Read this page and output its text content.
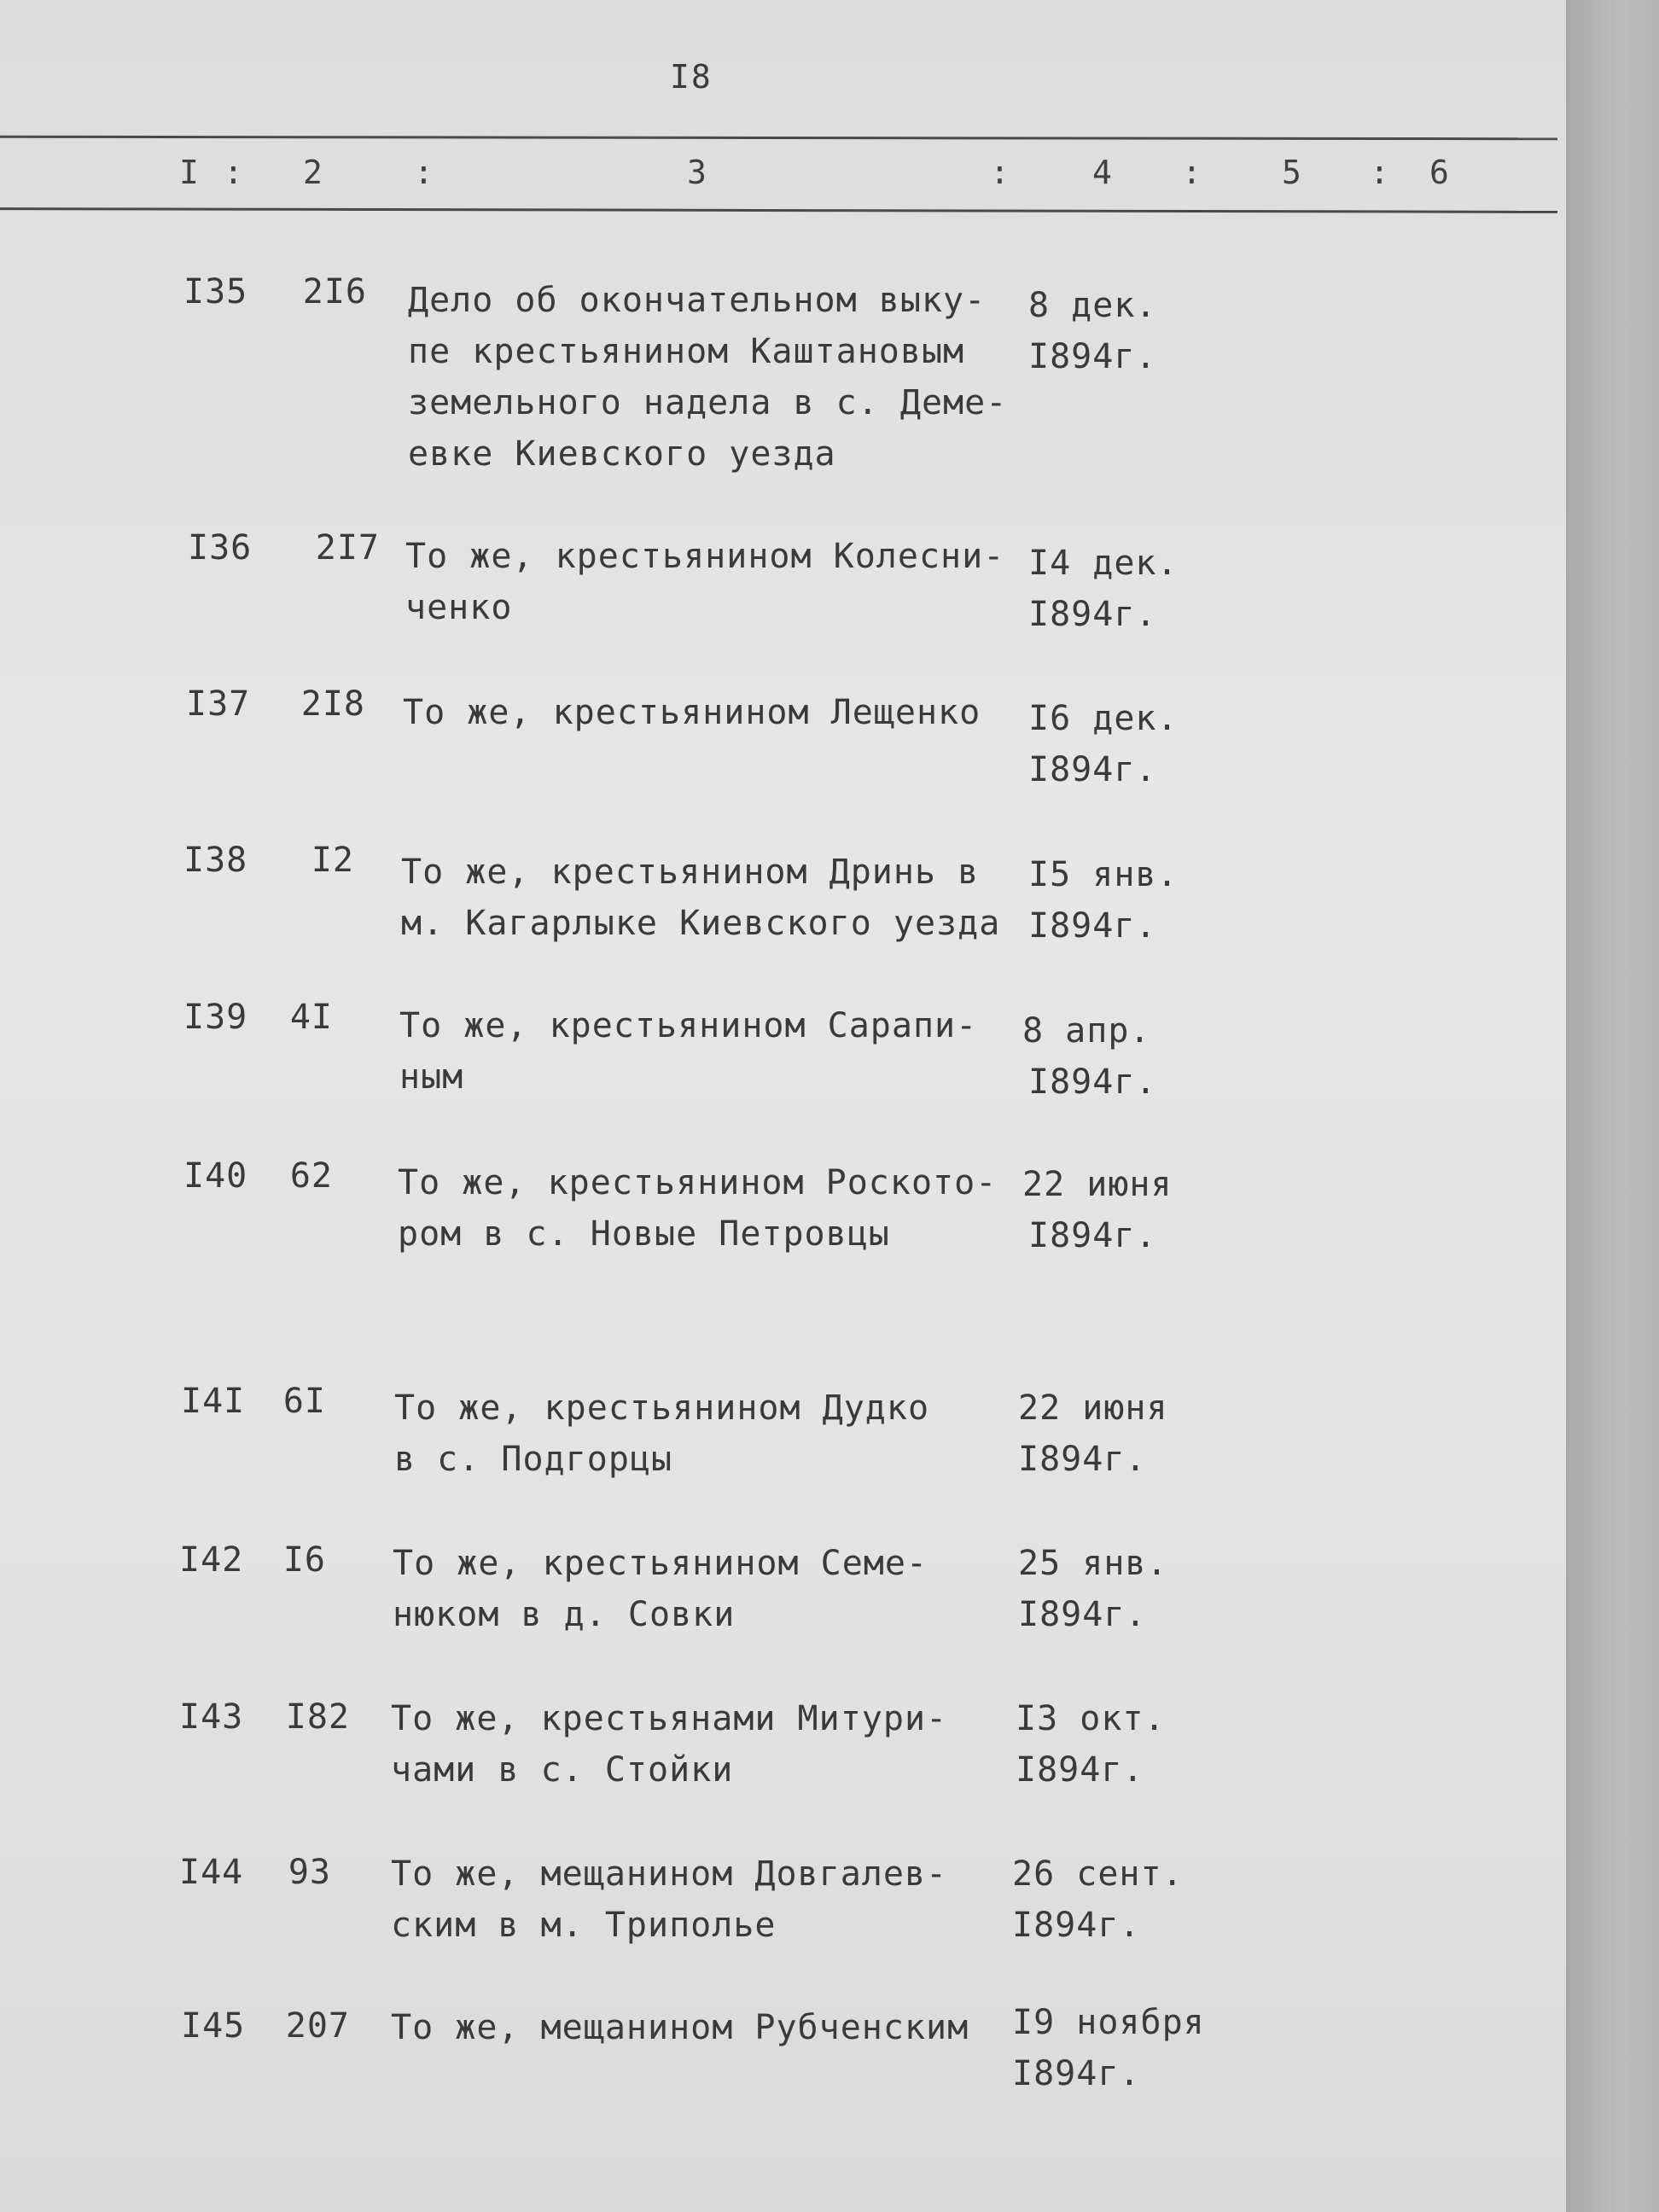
I8
I : 2	:	3	:	4 : 5 : 6
I35	2I6 Дело об окончательном выку-
пе крестьянином Каштановым
земельного надела в с. Деме-
евке Киевского уезда
8 дек.
I894г.
I36	2I7 То же, крестьянином Колесни-
ченко
I4 дек.
I894г.
I37	2I8 То же, крестьянином Лещенко I6 дек.
I894г.
I38	I2 То же, крестьянином Дринь в
м. Кагарлыке Киевского уезда
I5 янв.
I894г.
I39	4I То же, крестьянином Сарапи-
ным
8 апр.
I894г.
I40	62 То же, крестьянином Роското-
ром в с. Новые Петровцы
22 июня
I894г.
I4I	6I То же, крестьянином Дудко
в с. Подгорцы
22 июня
I894г.
I42	I6 То же, крестьянином Семе-
нюком в д. Совки
25 янв.
I894г.
I43	I82 То же, крестьянами Митури-
чами в с. Стойки
I3 окт.
I894г.
I44	93 То же, мещанином Довгалев-
ским в м. Триполье
26 сент.
I894г.
I45	207 То же, мещанином Рубченским I9 ноября
I894г.
